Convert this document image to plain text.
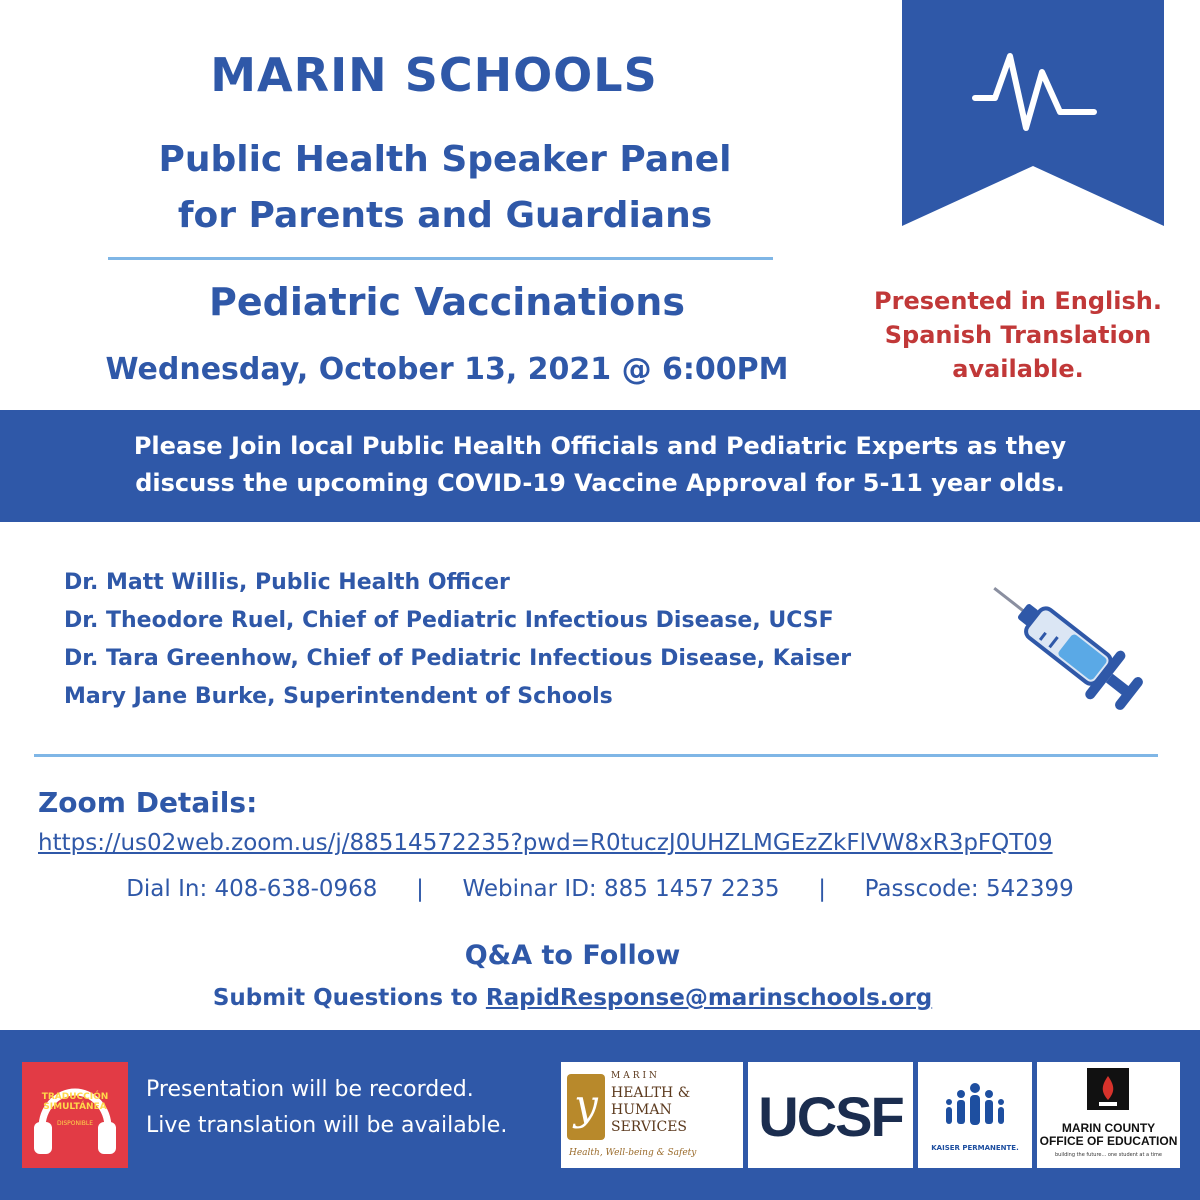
MARIN SCHOOLS
Public Health Speaker Panel
for Parents and Guardians
Pediatric Vaccinations
Wednesday, October 13, 2021 @ 6:00PM
Presented in English.
Spanish Translation
available.
Please Join local Public Health Officials and Pediatric Experts as they
discuss the upcoming COVID-19 Vaccine Approval for 5-11 year olds.
Dr. Matt Willis, Public Health Officer
Dr. Theodore Ruel, Chief of Pediatric Infectious Disease, UCSF
Dr. Tara Greenhow, Chief of Pediatric Infectious Disease, Kaiser
Mary Jane Burke, Superintendent of Schools
Zoom Details:
https://us02web.zoom.us/j/88514572235?pwd=R0tuczJ0UHZLMGEzZkFlVW8xR3pFQT09
Dial In: 408-638-0968 | Webinar ID: 885 1457 2235 | Passcode: 542399
Q&A to Follow
Submit Questions to RapidResponse@marinschools.org
TRADUCCIÓN
SIMULTÁNEA
DISPONIBLE
Presentation will be recorded.
Live translation will be available.	y
MARIN
HEALTH &
HUMAN
SERVICES
Health, Well-being & Safety
UCSF	KAISER PERMANENTE.
MARIN COUNTY
OFFICE OF EDUCATION
building the future... one student at a time
